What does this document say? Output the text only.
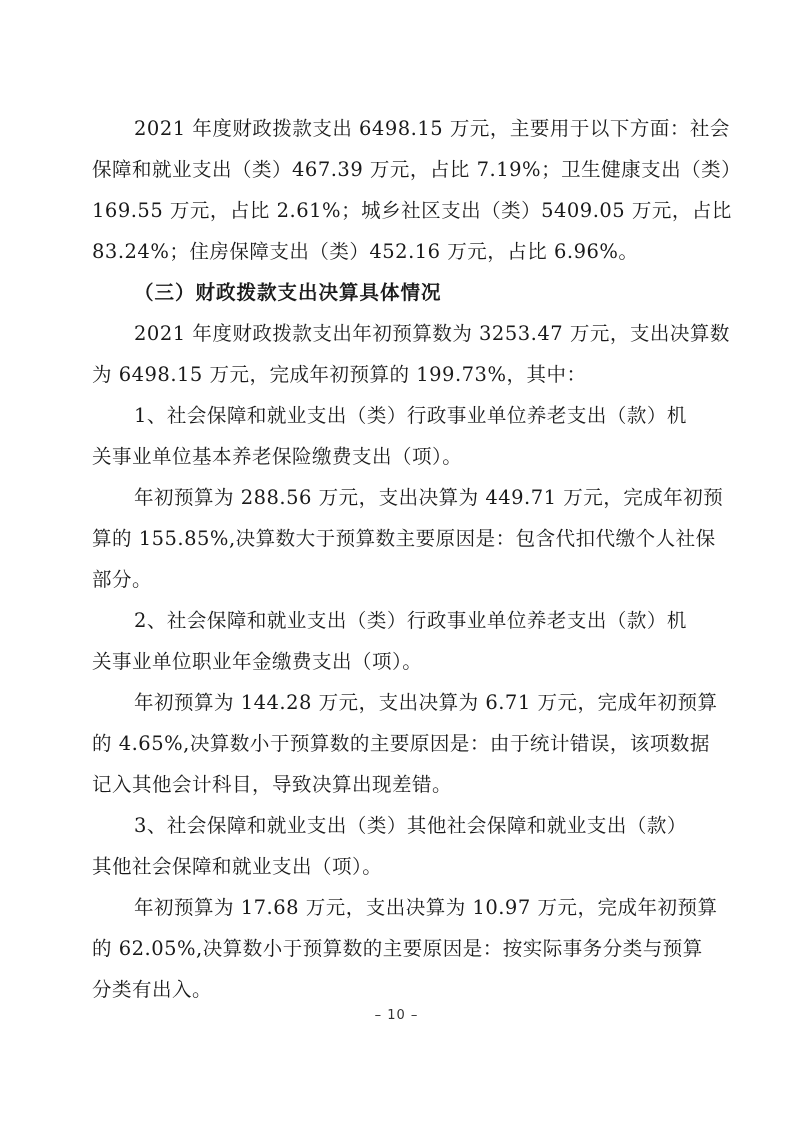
2021 年度财政拨款支出 6498.15 万元，主要用于以下方面：社会
保障和就业支出（类）467.39 万元，占比 7.19%；卫生健康支出（类）
169.55 万元，占比 2.61%；城乡社区支出（类）5409.05 万元，占比
83.24%；住房保障支出（类）452.16 万元，占比 6.96%。

（三）财政拨款支出决算具体情况

2021 年度财政拨款支出年初预算数为 3253.47 万元，支出决算数
为 6498.15 万元，完成年初预算的 199.73%，其中：

1、社会保障和就业支出（类）行政事业单位养老支出（款）机
关事业单位基本养老保险缴费支出（项）。

年初预算为 288.56 万元，支出决算为 449.71 万元，完成年初预
算的 155.85%,决算数大于预算数主要原因是：包含代扣代缴个人社保
部分。

2、社会保障和就业支出（类）行政事业单位养老支出（款）机
关事业单位职业年金缴费支出（项）。

年初预算为 144.28 万元，支出决算为 6.71 万元，完成年初预算
的 4.65%,决算数小于预算数的主要原因是：由于统计错误，该项数据
记入其他会计科目，导致决算出现差错。

3、社会保障和就业支出（类）其他社会保障和就业支出（款）
其他社会保障和就业支出（项）。

年初预算为 17.68 万元，支出决算为 10.97 万元，完成年初预算
的 62.05%,决算数小于预算数的主要原因是：按实际事务分类与预算
分类有出入。

– 10 –
